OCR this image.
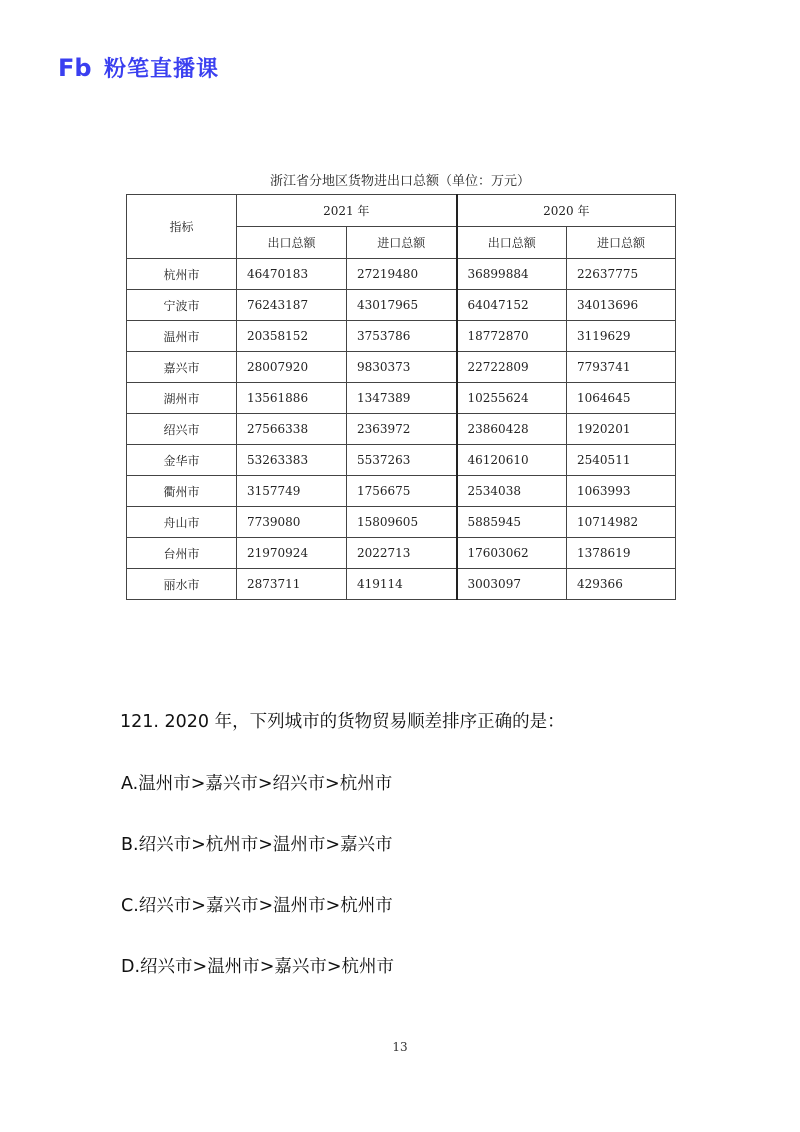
Fb 粉笔直播课
浙江省分地区货物进出口总额（单位：万元）
指标	2021 年		2020 年	
	出口总额	进口总额	出口总额	进口总额
杭州市	46470183	27219480	36899884	22637775
宁波市	76243187	43017965	64047152	34013696
温州市	20358152	3753786	18772870	3119629
嘉兴市	28007920	9830373	22722809	7793741
湖州市	13561886	1347389	10255624	1064645
绍兴市	27566338	2363972	23860428	1920201
金华市	53263383	5537263	46120610	2540511
衢州市	3157749	1756675	2534038	1063993
舟山市	7739080	15809605	5885945	10714982
台州市	21970924	2022713	17603062	1378619
丽水市	2873711	419114	3003097	429366
121. 2020 年，下列城市的货物贸易顺差排序正确的是：
A.温州市>嘉兴市>绍兴市>杭州市
B.绍兴市>杭州市>温州市>嘉兴市
C.绍兴市>嘉兴市>温州市>杭州市
D.绍兴市>温州市>嘉兴市>杭州市
13
